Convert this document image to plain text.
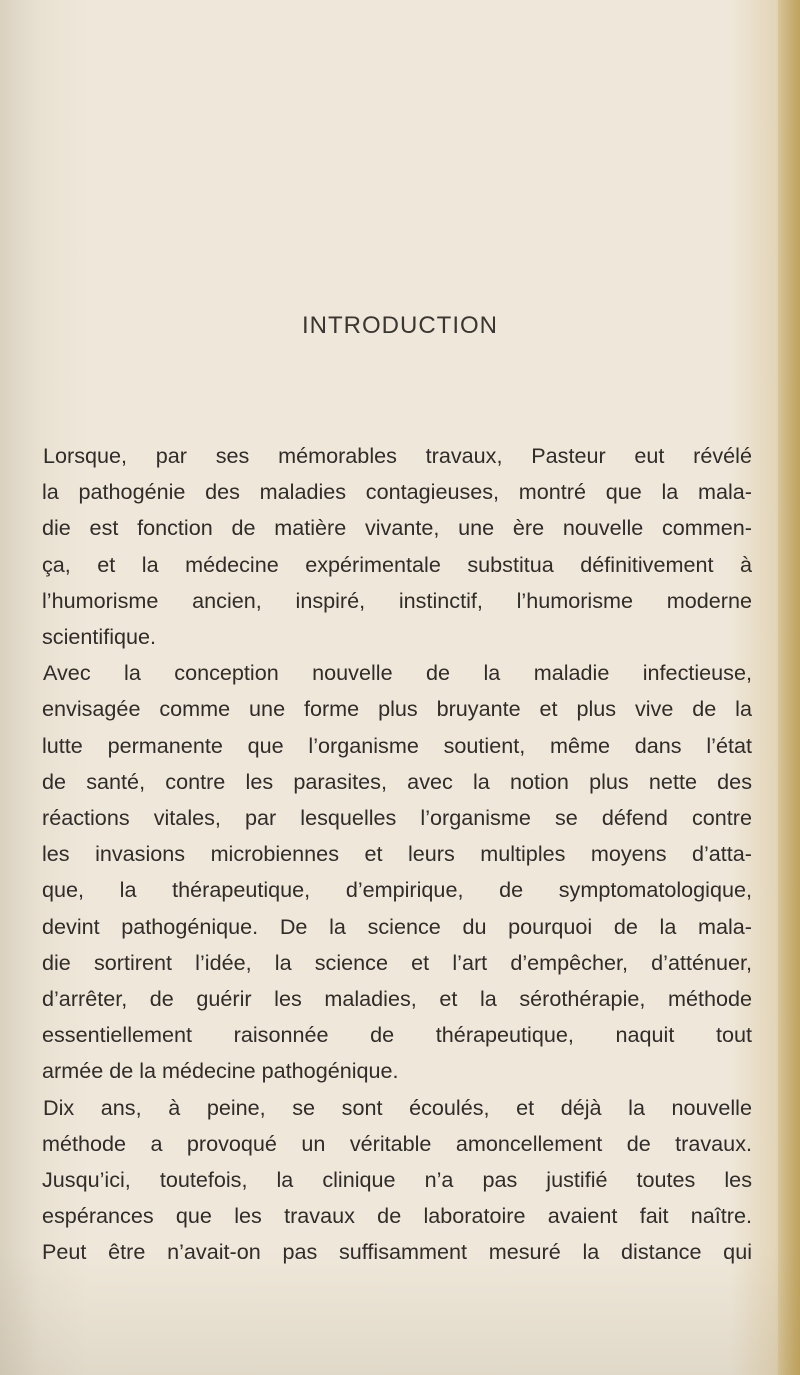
INTRODUCTION

Lorsque, par ses mémorables travaux, Pasteur eut révélé
la pathogénie des maladies contagieuses, montré que la mala-
die est fonction de matière vivante, une ère nouvelle commen-
ça, et la médecine expérimentale substitua définitivement à
l’humorisme ancien, inspiré, instinctif, l’humorisme moderne
scientifique.

Avec la conception nouvelle de la maladie infectieuse,
envisagée comme une forme plus bruyante et plus vive de la
lutte permanente que l’organisme soutient, même dans l’état
de santé, contre les parasites, avec la notion plus nette des
réactions vitales, par lesquelles l’organisme se défend contre
les invasions microbiennes et leurs multiples moyens d’atta-
que, la thérapeutique, d’empirique, de symptomatologique,
devint pathogénique. De la science du pourquoi de la mala-
die sortirent l’idée, la science et l’art d’empêcher, d’atténuer,
d’arrêter, de guérir les maladies, et la sérothérapie, méthode
essentiellement raisonnée de thérapeutique, naquit tout
armée de la médecine pathogénique.

Dix ans, à peine, se sont écoulés, et déjà la nouvelle
méthode a provoqué un véritable amoncellement de travaux.
Jusqu’ici, toutefois, la clinique n’a pas justifié toutes les
espérances que les travaux de laboratoire avaient fait naître.
Peut être n’avait-on pas suffisamment mesuré la distance qui
